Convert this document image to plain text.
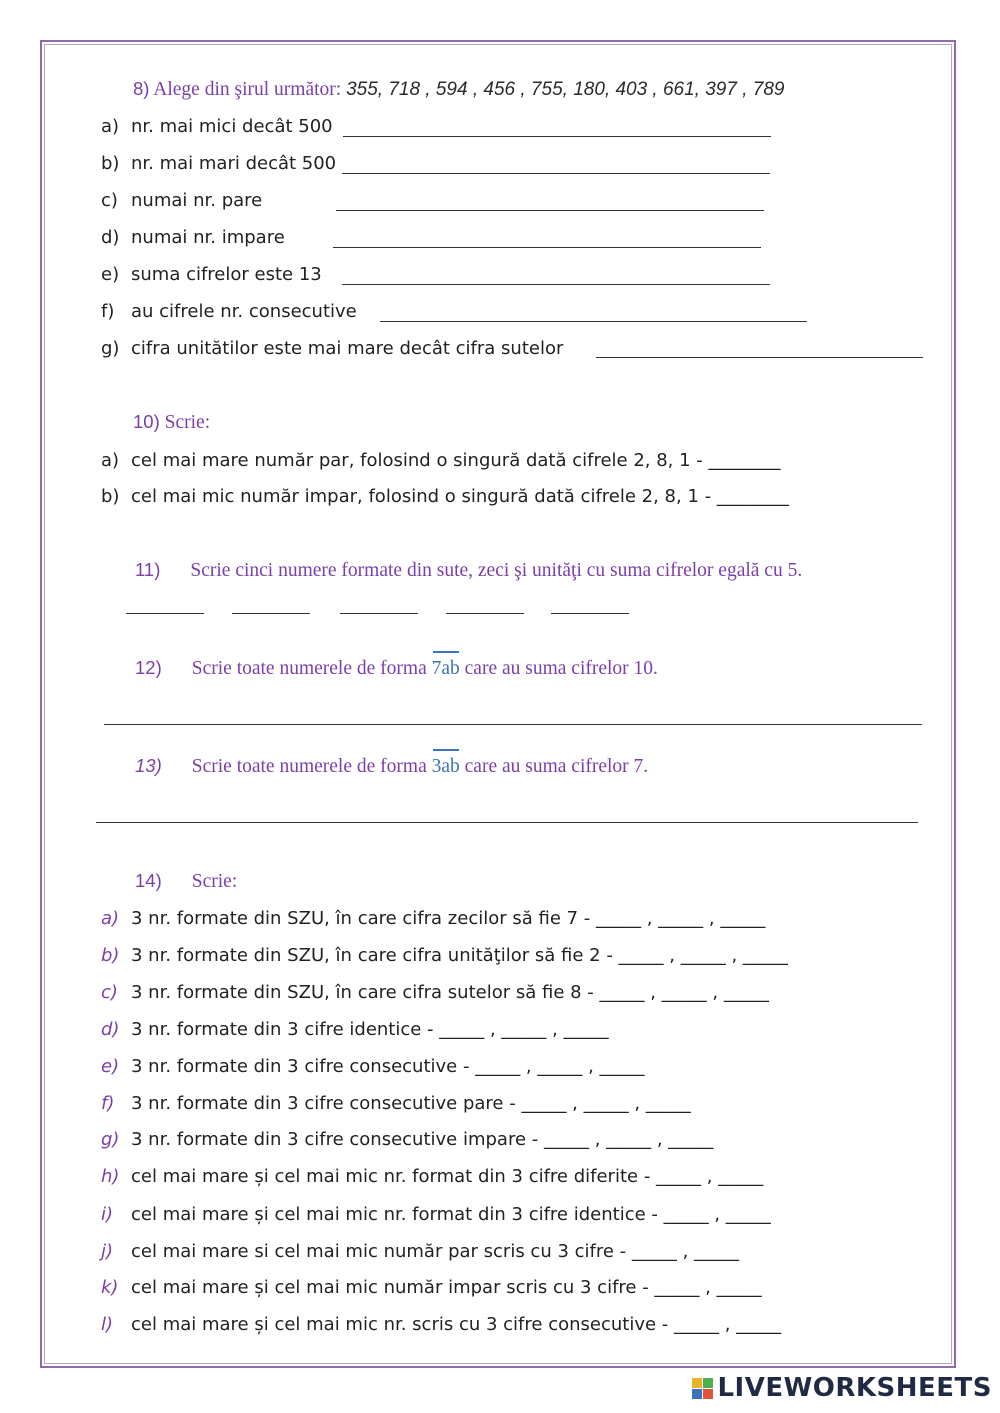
8) Alege din şirul următor: 355, 718 , 594 , 456 , 755, 180, 403 , 661, 397 , 789
a) nr. mai mici decât 500
b) nr. mai mari decât 500
c) numai nr. pare
d) numai nr. impare
e) suma cifrelor este 13
f) au cifrele nr. consecutive
g) cifra unitătilor este mai mare decât cifra sutelor
10) Scrie:
a) cel mai mare număr par, folosind o singură dată cifrele 2, 8, 1 - ________
b) cel mai mic număr impar, folosind o singură dată cifrele 2, 8, 1 - ________
11) Scrie cinci numere formate din sute, zeci şi unităţi cu suma cifrelor egală cu 5.
12) Scrie toate numerele de forma 7ab care au suma cifrelor 10.
13) Scrie toate numerele de forma 3ab care au suma cifrelor 7.
14) Scrie:
a) 3 nr. formate din SZU, în care cifra zecilor să fie 7 - _____ , _____ , _____
b) 3 nr. formate din SZU, în care cifra unităţilor să fie 2 - _____ , _____ , _____
c) 3 nr. formate din SZU, în care cifra sutelor să fie 8 - _____ , _____ , _____
d) 3 nr. formate din 3 cifre identice - _____ , _____ , _____
e) 3 nr. formate din 3 cifre consecutive - _____ , _____ , _____
f) 3 nr. formate din 3 cifre consecutive pare - _____ , _____ , _____
g) 3 nr. formate din 3 cifre consecutive impare - _____ , _____ , _____
h) cel mai mare și cel mai mic nr. format din 3 cifre diferite - _____ , _____
i) cel mai mare și cel mai mic nr. format din 3 cifre identice - _____ , _____
j) cel mai mare si cel mai mic număr par scris cu 3 cifre - _____ , _____
k) cel mai mare și cel mai mic număr impar scris cu 3 cifre - _____ , _____
l) cel mai mare și cel mai mic nr. scris cu 3 cifre consecutive - _____ , _____
LIVEWORKSHEETS
